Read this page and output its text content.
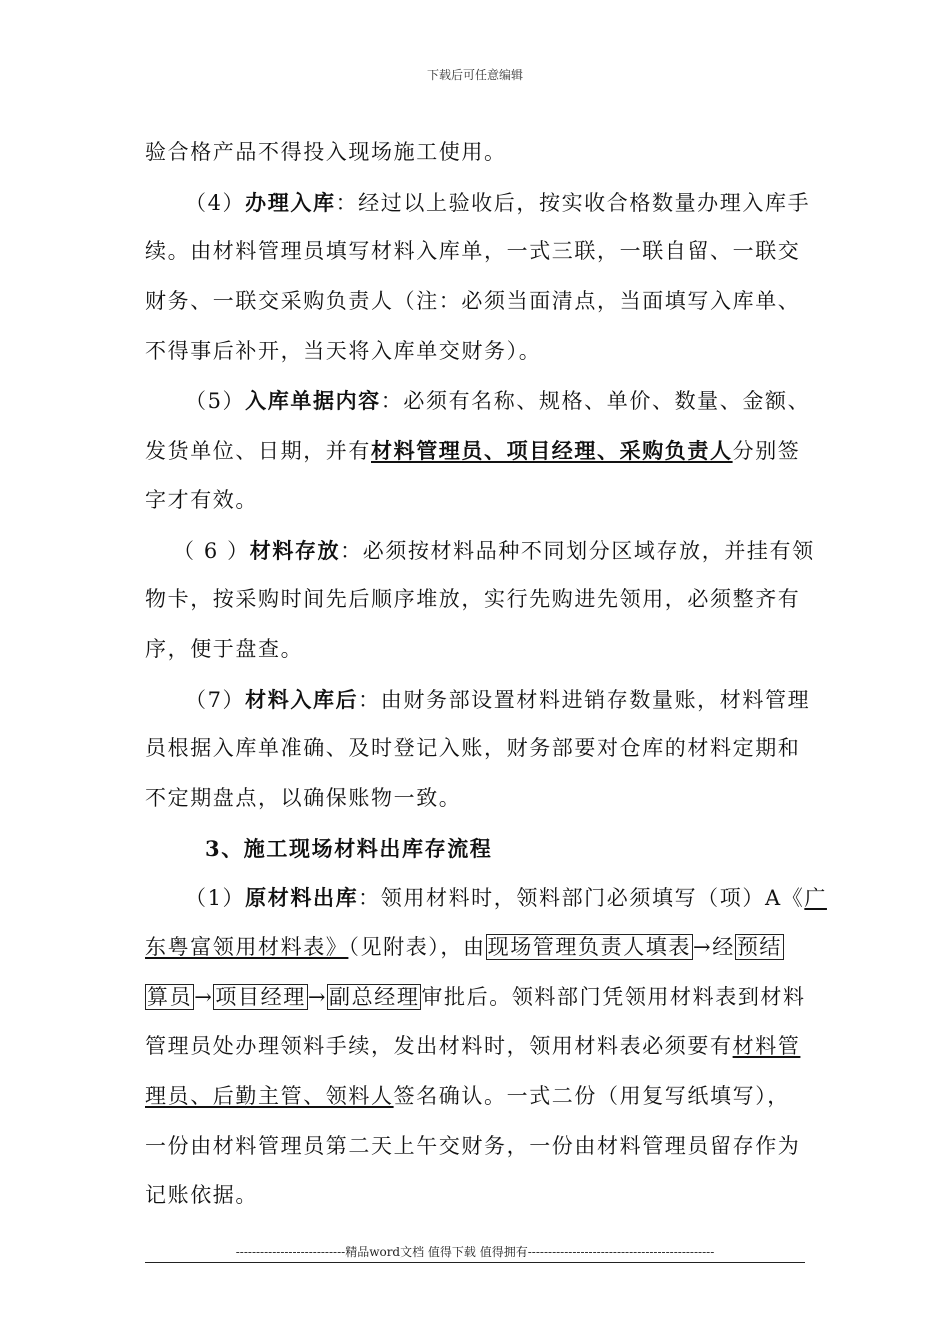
下载后可任意编辑
验合格产品不得投入现场施工使用。
（4）办理入库：经过以上验收后，按实收合格数量办理入库手
续。由材料管理员填写材料入库单，一式三联，一联自留、一联交
财务、一联交采购负责人（注：必须当面清点，当面填写入库单、
不得事后补开，当天将入库单交财务）。
（5）入库单据内容：必须有名称、规格、单价、数量、金额、
发货单位、日期，并有材料管理员、项目经理、采购负责人分别签
字才有效。
（ 6 ）材料存放：必须按材料品种不同划分区域存放，并挂有领
物卡，按采购时间先后顺序堆放，实行先购进先领用，必须整齐有
序，便于盘查。
（7）材料入库后：由财务部设置材料进销存数量账，材料管理
员根据入库单准确、及时登记入账，财务部要对仓库的材料定期和
不定期盘点，以确保账物一致。
3、施工现场材料出库存流程
（1）原材料出库：领用材料时，领料部门必须填写（项）A《广
东粤富领用材料表》（见附表），由现场管理负责人填表→经预结
算员→项目经理→副总经理审批后。领料部门凭领用材料表到材料
管理员处办理领料手续，发出材料时，领用材料表必须要有材料管
理员、后勤主管、领料人签名确认。一式二份（用复写纸填写），
一份由材料管理员第二天上午交财务，一份由材料管理员留存作为
记账依据。
---------------------------精品word文档 值得下载 值得拥有----------------------------------------------
